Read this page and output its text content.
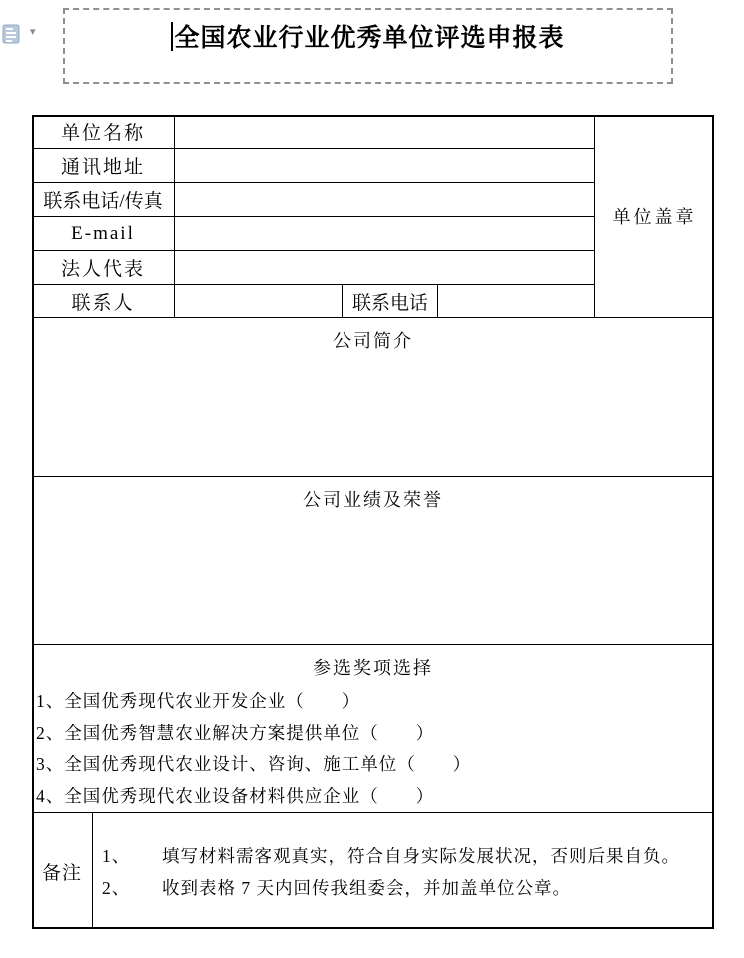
▾	全国农业行业优秀单位评选申报表
单位名称
通讯地址
联系电话/传真
E-mail
法人代表
联系人	联系电话
单位盖章
公司简介
公司业绩及荣誉
参选奖项选择
1、全国优秀现代农业开发企业（　　）
2、全国优秀智慧农业解决方案提供单位（　　）
3、全国优秀现代农业设计、咨询、施工单位（　　）
4、全国优秀现代农业设备材料供应企业（　　）
备注
1、	填写材料需客观真实，符合自身实际发展状况，否则后果自负。
2、	收到表格 7 天内回传我组委会，并加盖单位公章。
